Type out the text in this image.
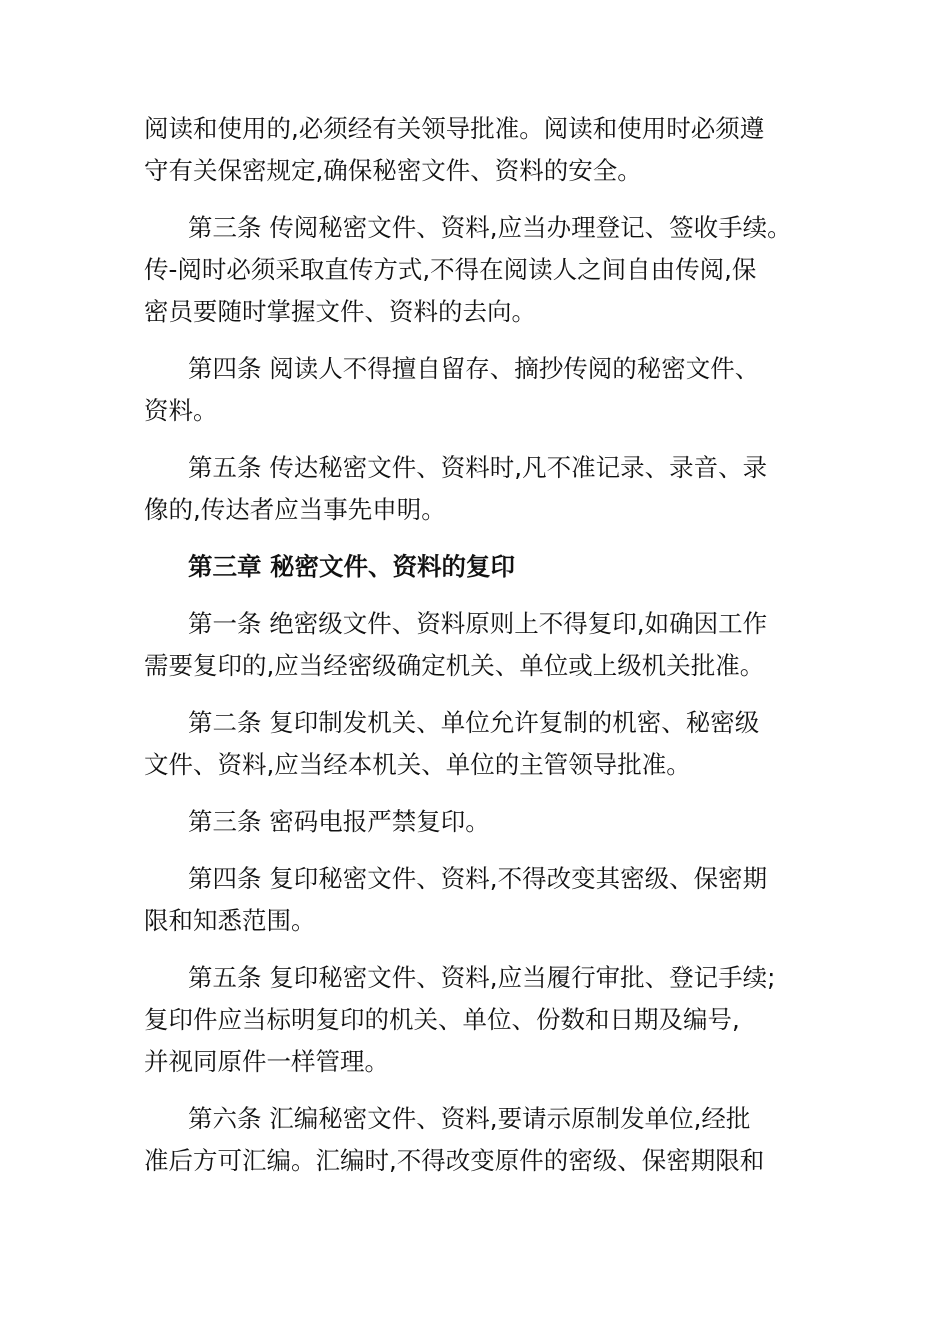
阅读和使用的,必须经有关领导批准。阅读和使用时必须遵
守有关保密规定,确保秘密文件、资料的安全。

第三条 传阅秘密文件、资料,应当办理登记、签收手续。
传-阅时必须采取直传方式,不得在阅读人之间自由传阅,保
密员要随时掌握文件、资料的去向。

第四条 阅读人不得擅自留存、摘抄传阅的秘密文件、
资料。

第五条 传达秘密文件、资料时,凡不准记录、录音、录
像的,传达者应当事先申明。

第三章 秘密文件、资料的复印

第一条 绝密级文件、资料原则上不得复印,如确因工作
需要复印的,应当经密级确定机关、单位或上级机关批准。

第二条 复印制发机关、单位允许复制的机密、秘密级
文件、资料,应当经本机关、单位的主管领导批准。

第三条 密码电报严禁复印。

第四条 复印秘密文件、资料,不得改变其密级、保密期
限和知悉范围。

第五条 复印秘密文件、资料,应当履行审批、登记手续;
复印件应当标明复印的机关、单位、份数和日期及编号,
并视同原件一样管理。

第六条 汇编秘密文件、资料,要请示原制发单位,经批
准后方可汇编。汇编时,不得改变原件的密级、保密期限和
